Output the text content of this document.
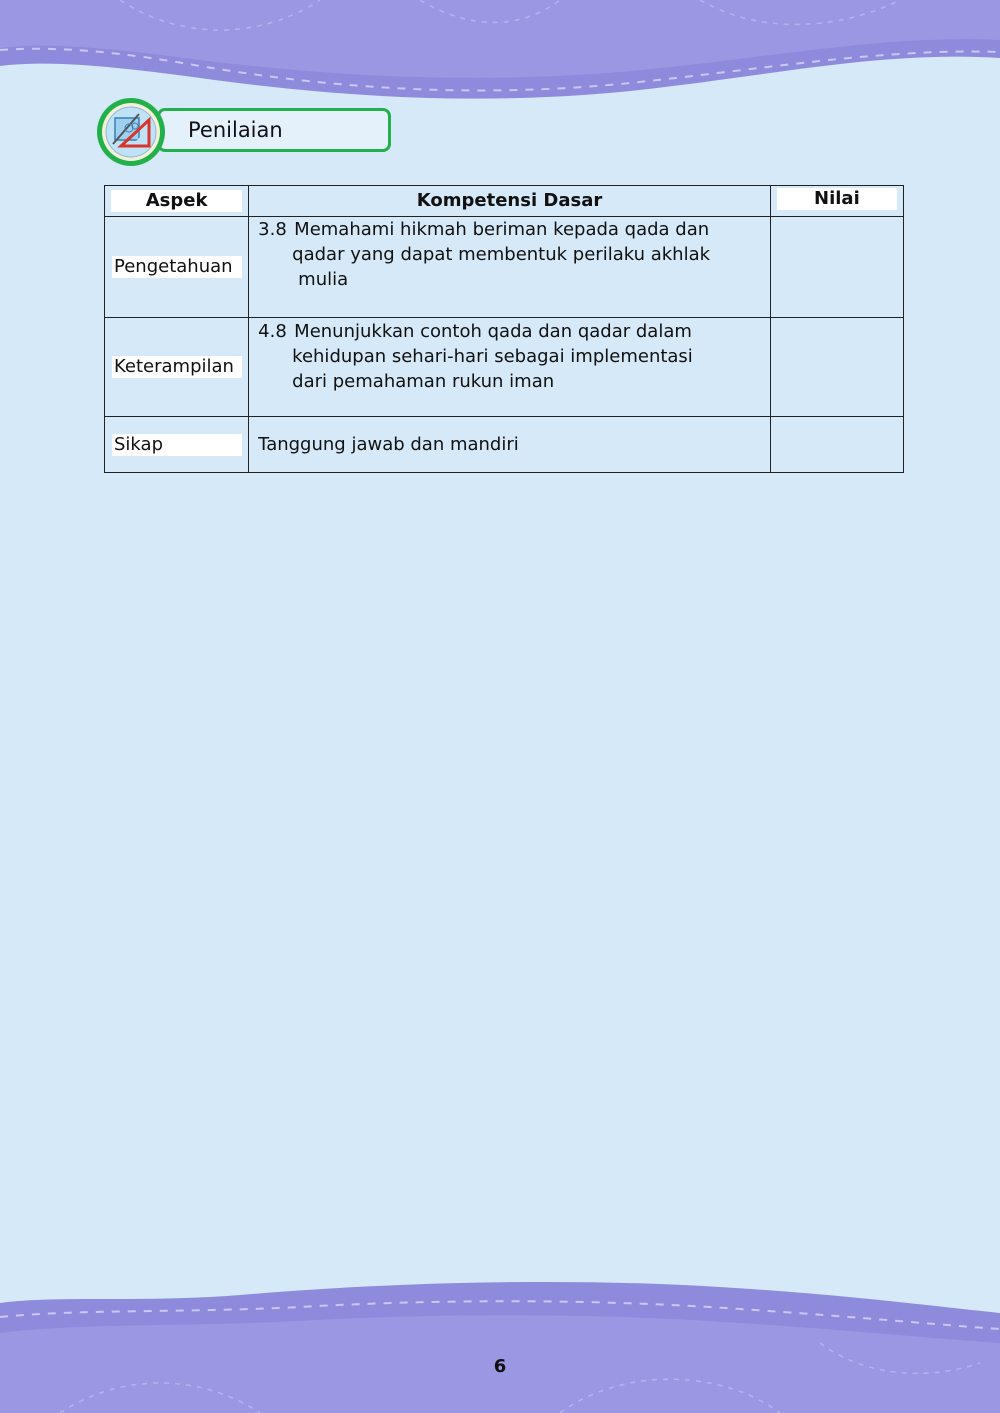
Penilaian
Aspek	Kompetensi Dasar	Nilai

Pengetahuan	3.8 Memahami hikmah beriman kepada qada dan
qadar yang dapat membentuk perilaku akhlak
mulia	

Keterampilan	4.8 Menunjukkan contoh qada dan qadar dalam
kehidupan sehari-hari sebagai implementasi
dari pemahaman rukun iman	

Sikap	Tanggung jawab dan mandiri	

6
